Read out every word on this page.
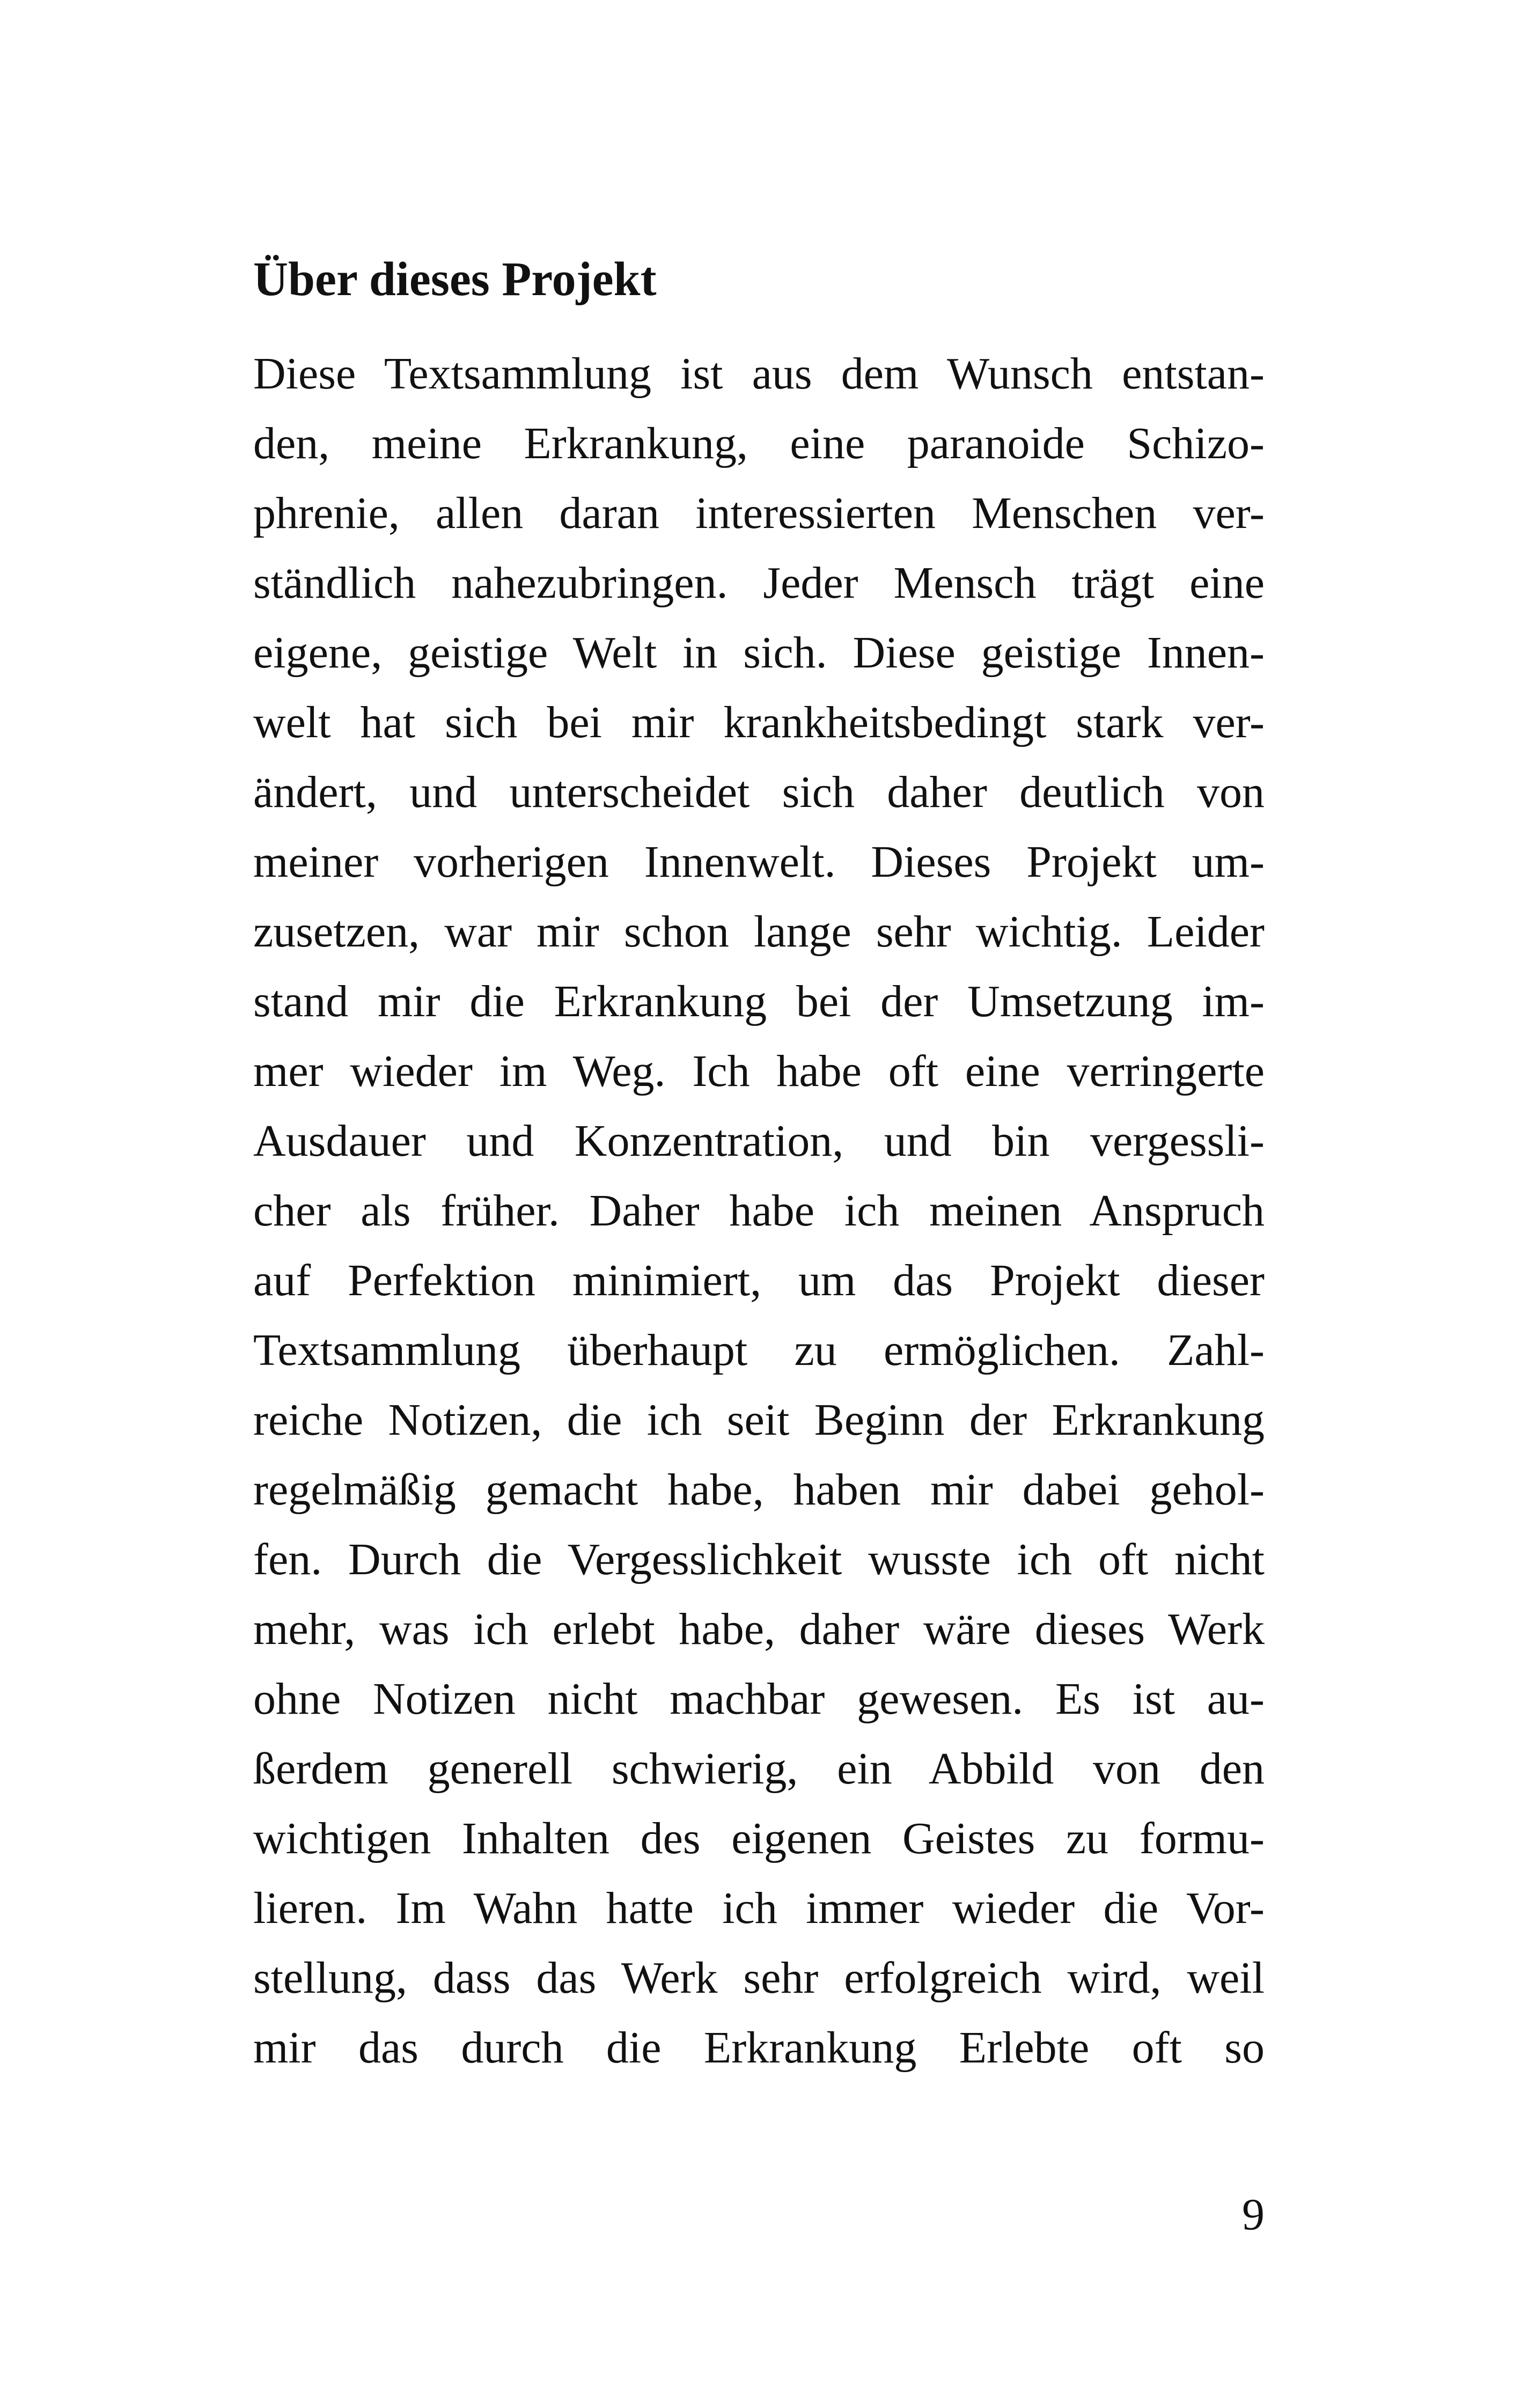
Über dieses Projekt
Diese Textsammlung ist aus dem Wunsch entstan-
den, meine Erkrankung, eine paranoide Schizo-
phrenie, allen daran interessierten Menschen ver-
ständlich nahezubringen. Jeder Mensch trägt eine
eigene, geistige Welt in sich. Diese geistige Innen-
welt hat sich bei mir krankheitsbedingt stark ver-
ändert, und unterscheidet sich daher deutlich von
meiner vorherigen Innenwelt. Dieses Projekt um-
zusetzen, war mir schon lange sehr wichtig. Leider
stand mir die Erkrankung bei der Umsetzung im-
mer wieder im Weg. Ich habe oft eine verringerte
Ausdauer und Konzentration, und bin vergessli-
cher als früher. Daher habe ich meinen Anspruch
auf Perfektion minimiert, um das Projekt dieser
Textsammlung überhaupt zu ermöglichen. Zahl-
reiche Notizen, die ich seit Beginn der Erkrankung
regelmäßig gemacht habe, haben mir dabei gehol-
fen. Durch die Vergesslichkeit wusste ich oft nicht
mehr, was ich erlebt habe, daher wäre dieses Werk
ohne Notizen nicht machbar gewesen. Es ist au-
ßerdem generell schwierig, ein Abbild von den
wichtigen Inhalten des eigenen Geistes zu formu-
lieren. Im Wahn hatte ich immer wieder die Vor-
stellung, dass das Werk sehr erfolgreich wird, weil
mir das durch die Erkrankung Erlebte oft so
9
